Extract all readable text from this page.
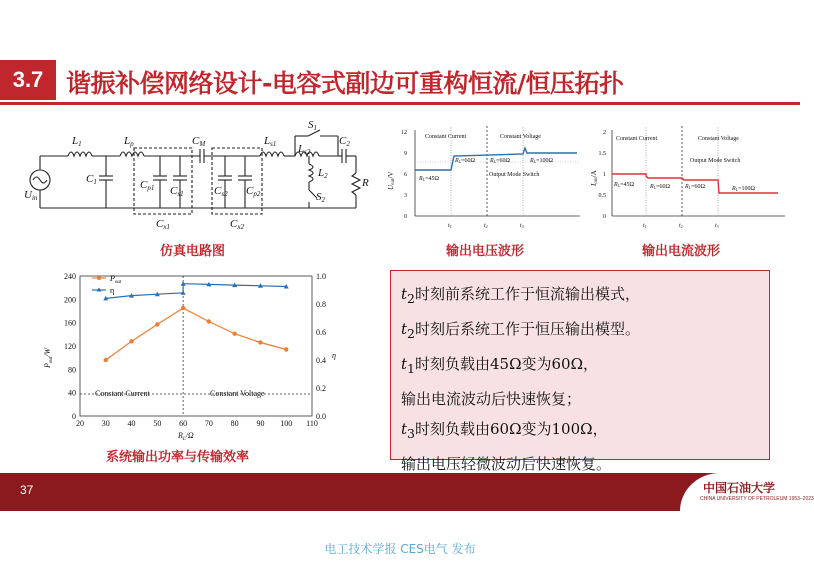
3.7 谐振补偿网络设计-电容式副边可重构恒流/恒压拓扑
L1	Lp	CM	Ls1
S1
C2
Ls2
L2
S2
R
Uin
C1	Cp1 Cs1	Cs2 Cp2
Cx1	Cx2
仿真电路图
12
9
6
3
0
Constant Current	Constant Voltage
Output Mode Switch
RL=45Ω
RL=60Ω	RL=60Ω	RL=100Ω
t1	t2	t3
Uout/V
输出电压波形
2
1.5
1
0.5
0
Constant Current	Constant Voltage
Output Mode Switch
RL=45Ω	RL=60Ω	RL=60Ω	RL=100Ω
t1	t2	t3
Iout/A
输出电流波形
20 30 40 50 60 70 80 90 100 110
0
40
80
120
160
200
240
0.0
0.2
0.4
0.6
0.8
1.0
Constant Current	Constant Voltage
$R_L/\Omega$
$P_{out}/W$	η
$P_{out}$
η
系统输出功率与传输效率
$t_2$时刻前系统工作于恒流输出模式，
$t_2$时刻后系统工作于恒压输出模型。
$t_1$时刻负载由45Ω变为60Ω，
输出电流波动后快速恢复；
$t_3$时刻负载由60Ω变为100Ω，
输出电压轻微波动后快速恢复。
37	中国石油大学
CHINA UNIVERSITY OF PETROLEUM 1953–2023
电工技术学报 CES电气 发布
